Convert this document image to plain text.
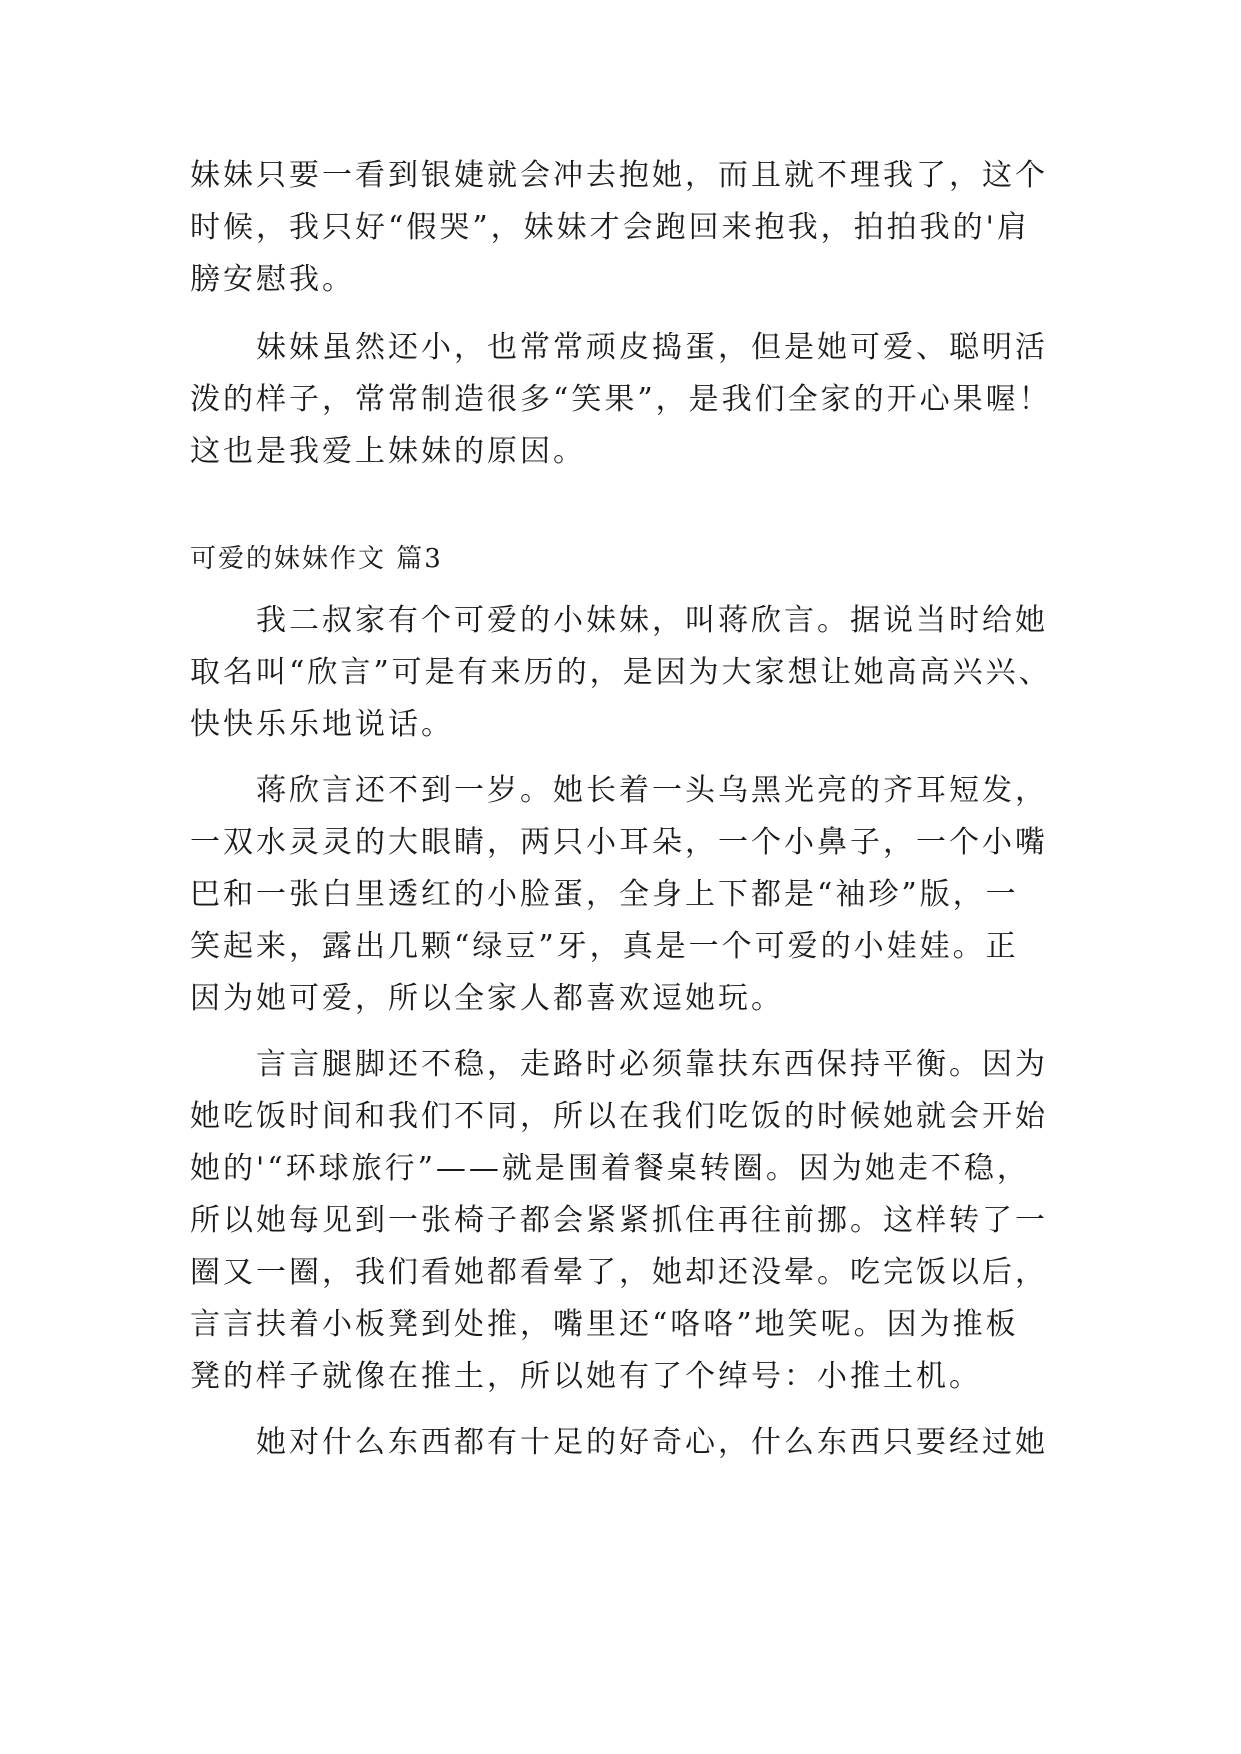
妹妹只要一看到银婕就会冲去抱她，而且就不理我了，这个

时候，我只好“假哭”，妹妹才会跑回来抱我，拍拍我的'肩

膀安慰我。

妹妹虽然还小，也常常顽皮捣蛋，但是她可爱、聪明活

泼的样子，常常制造很多“笑果”，是我们全家的开心果喔！

这也是我爱上妹妹的原因。

可爱的妹妹作文 篇3

我二叔家有个可爱的小妹妹，叫蒋欣言。据说当时给她

取名叫“欣言”可是有来历的，是因为大家想让她高高兴兴、

快快乐乐地说话。

蒋欣言还不到一岁。她长着一头乌黑光亮的齐耳短发，

一双水灵灵的大眼睛，两只小耳朵，一个小鼻子，一个小嘴

巴和一张白里透红的小脸蛋，全身上下都是“袖珍”版，一

笑起来，露出几颗“绿豆”牙，真是一个可爱的小娃娃。正

因为她可爱，所以全家人都喜欢逗她玩。

言言腿脚还不稳，走路时必须靠扶东西保持平衡。因为

她吃饭时间和我们不同，所以在我们吃饭的时候她就会开始

她的'“环球旅行”——就是围着餐桌转圈。因为她走不稳，

所以她每见到一张椅子都会紧紧抓住再往前挪。这样转了一

圈又一圈，我们看她都看晕了，她却还没晕。吃完饭以后，

言言扶着小板凳到处推，嘴里还“咯咯”地笑呢。因为推板

凳的样子就像在推土，所以她有了个绰号：小推土机。

她对什么东西都有十足的好奇心，什么东西只要经过她
